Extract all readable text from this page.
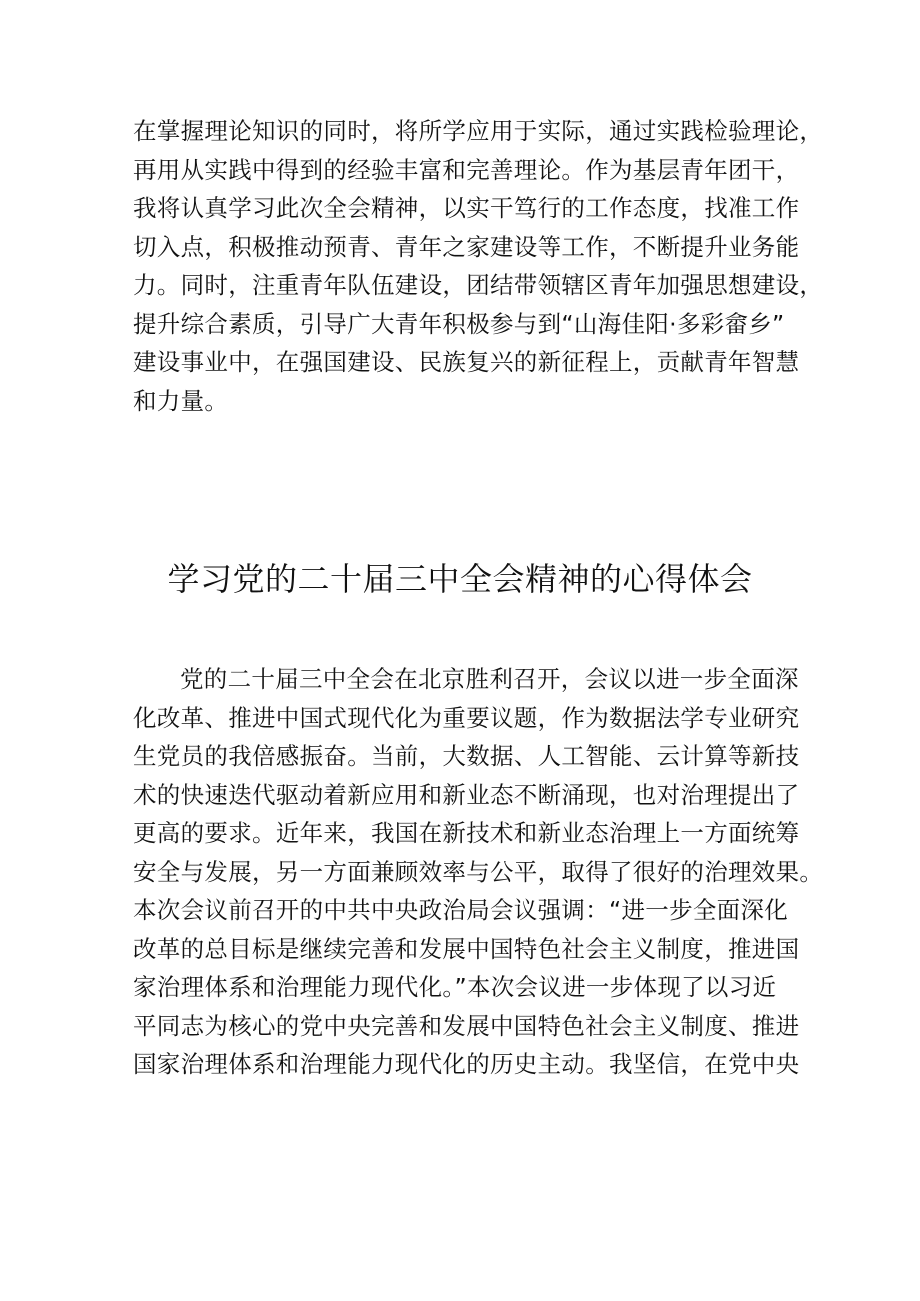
在掌握理论知识的同时，将所学应用于实际，通过实践检验理论，
再用从实践中得到的经验丰富和完善理论。作为基层青年团干，
我将认真学习此次全会精神，以实干笃行的工作态度，找准工作
切入点，积极推动预青、青年之家建设等工作，不断提升业务能
力。同时，注重青年队伍建设，团结带领辖区青年加强思想建设，
提升综合素质，引导广大青年积极参与到“山海佳阳·多彩畲乡”
建设事业中，在强国建设、民族复兴的新征程上，贡献青年智慧
和力量。
学习党的二十届三中全会精神的心得体会
党的二十届三中全会在北京胜利召开，会议以进一步全面深
化改革、推进中国式现代化为重要议题，作为数据法学专业研究
生党员的我倍感振奋。当前，大数据、人工智能、云计算等新技
术的快速迭代驱动着新应用和新业态不断涌现，也对治理提出了
更高的要求。近年来，我国在新技术和新业态治理上一方面统筹
安全与发展，另一方面兼顾效率与公平，取得了很好的治理效果。
本次会议前召开的中共中央政治局会议强调：“进一步全面深化
改革的总目标是继续完善和发展中国特色社会主义制度，推进国
家治理体系和治理能力现代化。”本次会议进一步体现了以习近
平同志为核心的党中央完善和发展中国特色社会主义制度、推进
国家治理体系和治理能力现代化的历史主动。我坚信，在党中央
